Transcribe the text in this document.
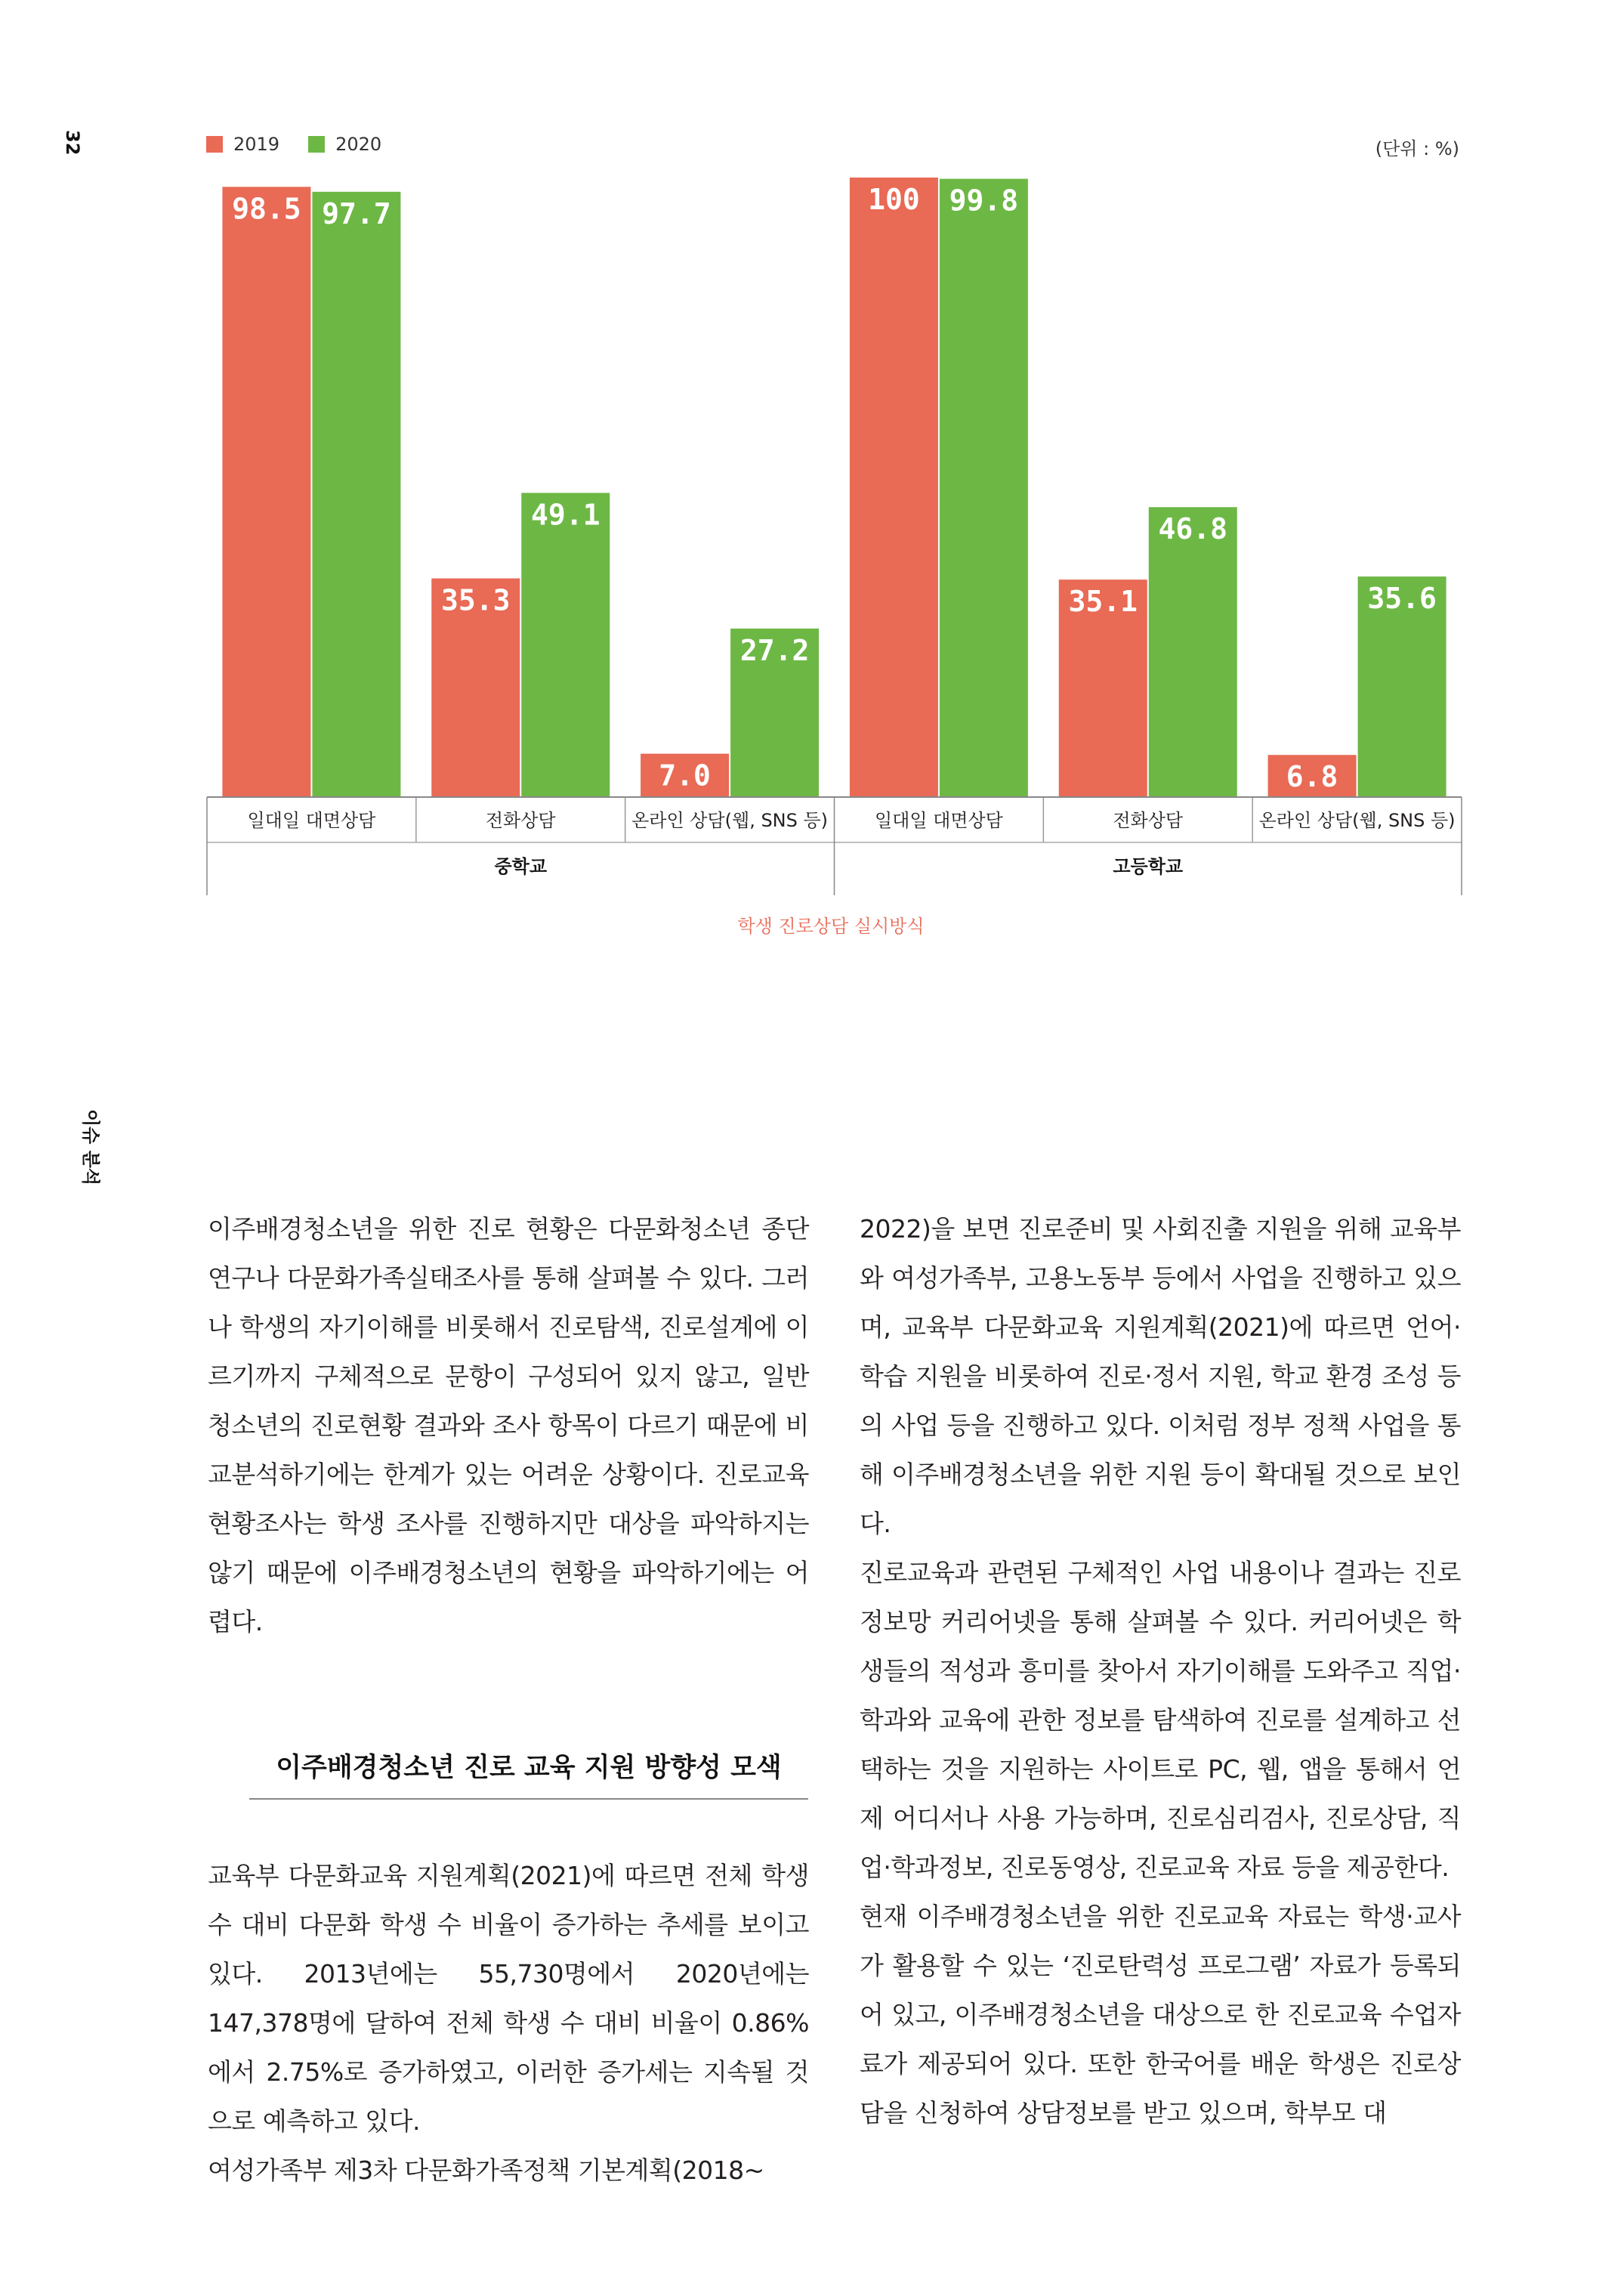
32
이슈 분석
2019	2020	(단위 : %)
98.5 97.7
일대일 대면상담
35.3
49.1
전화상담
7.0
27.2
온라인 상담(웹, SNS 등)
100 99.8
일대일 대면상담
35.1
46.8
전화상담
6.8
35.6
온라인 상담(웹, SNS 등)
중학교	고등학교
학생 진로상담 실시방식

이주배경청소년을 위한 진로 현황은 다문화청소년 종단연구나 다문화가족실태조사를 통해 살펴볼 수 있다. 그러나 학생의 자기이해를 비롯해서 진로탐색, 진로설계에 이르기까지 구체적으로 문항이 구성되어 있지 않고, 일반 청소년의 진로현황 결과와 조사 항목이 다르기 때문에 비교분석하기에는 한계가 있는 어려운 상황이다. 진로교육 현황조사는 학생 조사를 진행하지만 대상을 파악하지는 않기 때문에 이주배경청소년의 현황을 파악하기에는 어렵다.

이주배경청소년 진로 교육 지원 방향성 모색

교육부 다문화교육 지원계획(2021)에 따르면 전체 학생 수 대비 다문화 학생 수 비율이 증가하는 추세를 보이고 있다. 2013년에는 55,730명에서 2020년에는 147,378명에 달하여 전체 학생 수 대비 비율이 0.86%에서 2.75%로 증가하였고, 이러한 증가세는 지속될 것으로 예측하고 있다.

여성가족부 제3차 다문화가족정책 기본계획(2018~

2022)을 보면 진로준비 및 사회진출 지원을 위해 교육부와 여성가족부, 고용노동부 등에서 사업을 진행하고 있으며, 교육부 다문화교육 지원계획(2021)에 따르면 언어·학습 지원을 비롯하여 진로·정서 지원, 학교 환경 조성 등의 사업 등을 진행하고 있다. 이처럼 정부 정책 사업을 통해 이주배경청소년을 위한 지원 등이 확대될 것으로 보인다.

진로교육과 관련된 구체적인 사업 내용이나 결과는 진로정보망 커리어넷을 통해 살펴볼 수 있다. 커리어넷은 학생들의 적성과 흥미를 찾아서 자기이해를 도와주고 직업·학과와 교육에 관한 정보를 탐색하여 진로를 설계하고 선택하는 것을 지원하는 사이트로 PC, 웹, 앱을 통해서 언제 어디서나 사용 가능하며, 진로심리검사, 진로상담, 직업·학과정보, 진로동영상, 진로교육 자료 등을 제공한다.

현재 이주배경청소년을 위한 진로교육 자료는 학생·교사가 활용할 수 있는 ‘진로탄력성 프로그램’ 자료가 등록되어 있고, 이주배경청소년을 대상으로 한 진로교육 수업자료가 제공되어 있다. 또한 한국어를 배운 학생은 진로상담을 신청하여 상담정보를 받고 있으며, 학부모 대
